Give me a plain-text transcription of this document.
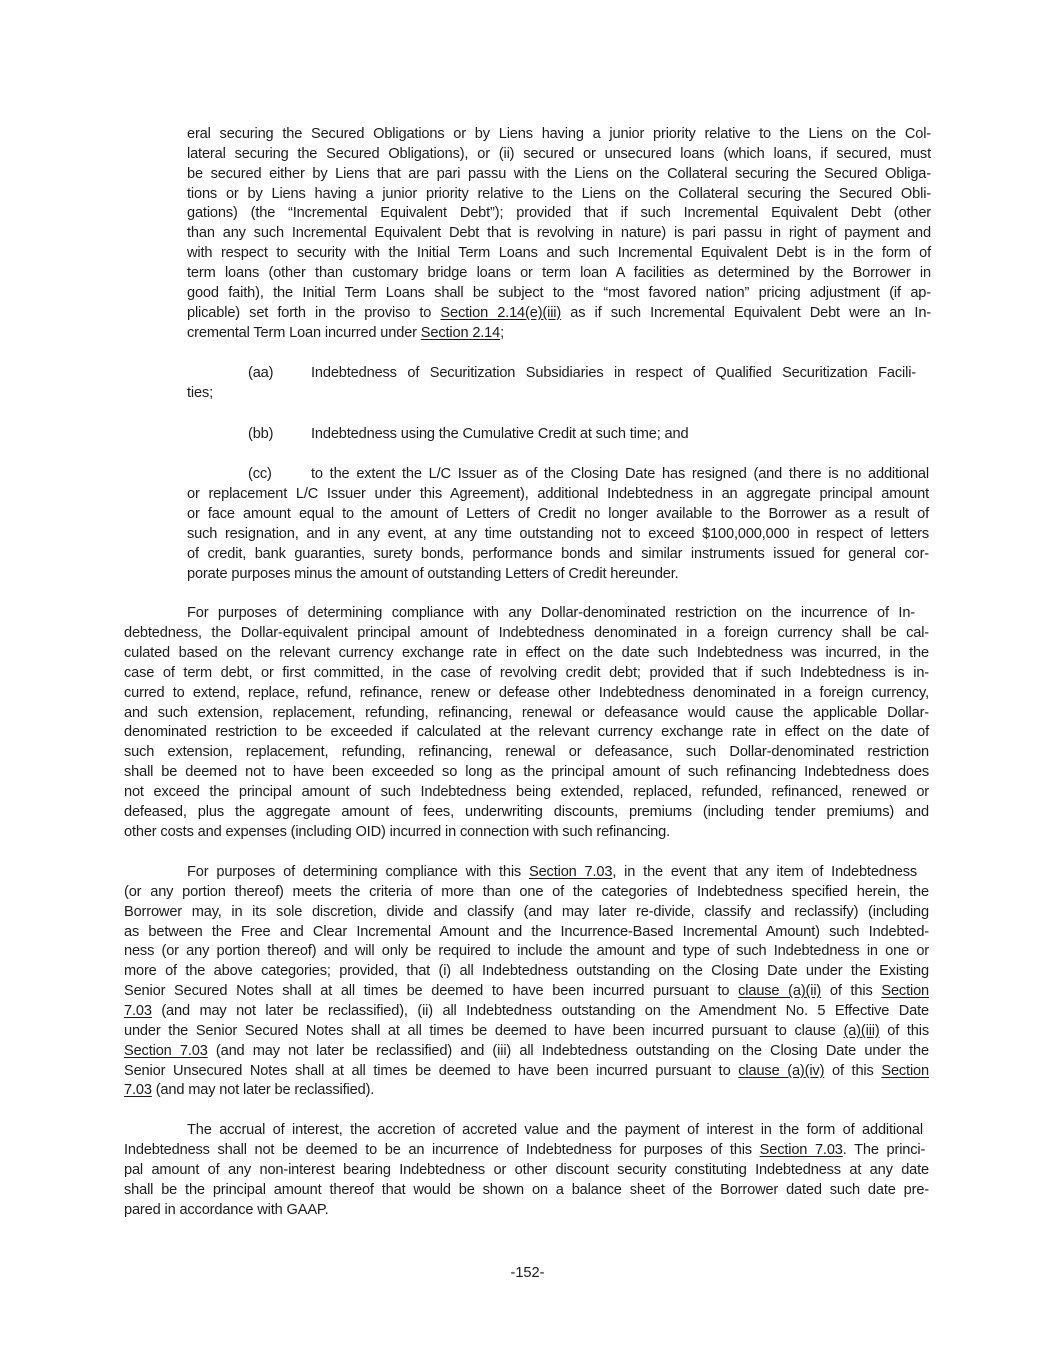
eral securing the Secured Obligations or by Liens having a junior priority relative to the Liens on the Col-
lateral securing the Secured Obligations), or (ii) secured or unsecured loans (which loans, if secured, must
be secured either by Liens that are pari passu with the Liens on the Collateral securing the Secured Obliga-
tions or by Liens having a junior priority relative to the Liens on the Collateral securing the Secured Obli-
gations) (the “Incremental Equivalent Debt”); provided that if such Incremental Equivalent Debt (other
than any such Incremental Equivalent Debt that is revolving in nature) is pari passu in right of payment and
with respect to security with the Initial Term Loans and such Incremental Equivalent Debt is in the form of
term loans (other than customary bridge loans or term loan A facilities as determined by the Borrower in
good faith), the Initial Term Loans shall be subject to the “most favored nation” pricing adjustment (if ap-
plicable) set forth in the proviso to Section 2.14(e)(iii) as if such Incremental Equivalent Debt were an In-
cremental Term Loan incurred under Section 2.14;
(aa)	Indebtedness of Securitization Subsidiaries in respect of Qualified Securitization Facili-
ties;
(bb)	Indebtedness using the Cumulative Credit at such time; and
(cc)	to the extent the L/C Issuer as of the Closing Date has resigned (and there is no additional
or replacement L/C Issuer under this Agreement), additional Indebtedness in an aggregate principal amount
or face amount equal to the amount of Letters of Credit no longer available to the Borrower as a result of
such resignation, and in any event, at any time outstanding not to exceed $100,000,000 in respect of letters
of credit, bank guaranties, surety bonds, performance bonds and similar instruments issued for general cor-
porate purposes minus the amount of outstanding Letters of Credit hereunder.
For purposes of determining compliance with any Dollar-denominated restriction on the incurrence of In-
debtedness, the Dollar-equivalent principal amount of Indebtedness denominated in a foreign currency shall be cal-
culated based on the relevant currency exchange rate in effect on the date such Indebtedness was incurred, in the
case of term debt, or first committed, in the case of revolving credit debt; provided that if such Indebtedness is in-
curred to extend, replace, refund, refinance, renew or defease other Indebtedness denominated in a foreign currency,
and such extension, replacement, refunding, refinancing, renewal or defeasance would cause the applicable Dollar-
denominated restriction to be exceeded if calculated at the relevant currency exchange rate in effect on the date of
such extension, replacement, refunding, refinancing, renewal or defeasance, such Dollar-denominated restriction
shall be deemed not to have been exceeded so long as the principal amount of such refinancing Indebtedness does
not exceed the principal amount of such Indebtedness being extended, replaced, refunded, refinanced, renewed or
defeased, plus the aggregate amount of fees, underwriting discounts, premiums (including tender premiums) and
other costs and expenses (including OID) incurred in connection with such refinancing.
For purposes of determining compliance with this Section 7.03, in the event that any item of Indebtedness
(or any portion thereof) meets the criteria of more than one of the categories of Indebtedness specified herein, the
Borrower may, in its sole discretion, divide and classify (and may later re-divide, classify and reclassify) (including
as between the Free and Clear Incremental Amount and the Incurrence-Based Incremental Amount) such Indebted-
ness (or any portion thereof) and will only be required to include the amount and type of such Indebtedness in one or
more of the above categories; provided, that (i) all Indebtedness outstanding on the Closing Date under the Existing
Senior Secured Notes shall at all times be deemed to have been incurred pursuant to clause (a)(ii) of this Section
7.03 (and may not later be reclassified), (ii) all Indebtedness outstanding on the Amendment No. 5 Effective Date
under the Senior Secured Notes shall at all times be deemed to have been incurred pursuant to clause (a)(iii) of this
Section 7.03 (and may not later be reclassified) and (iii) all Indebtedness outstanding on the Closing Date under the
Senior Unsecured Notes shall at all times be deemed to have been incurred pursuant to clause (a)(iv) of this Section
7.03 (and may not later be reclassified).
The accrual of interest, the accretion of accreted value and the payment of interest in the form of additional
Indebtedness shall not be deemed to be an incurrence of Indebtedness for purposes of this Section 7.03. The princi-
pal amount of any non-interest bearing Indebtedness or other discount security constituting Indebtedness at any date
shall be the principal amount thereof that would be shown on a balance sheet of the Borrower dated such date pre-
pared in accordance with GAAP.
-152-
